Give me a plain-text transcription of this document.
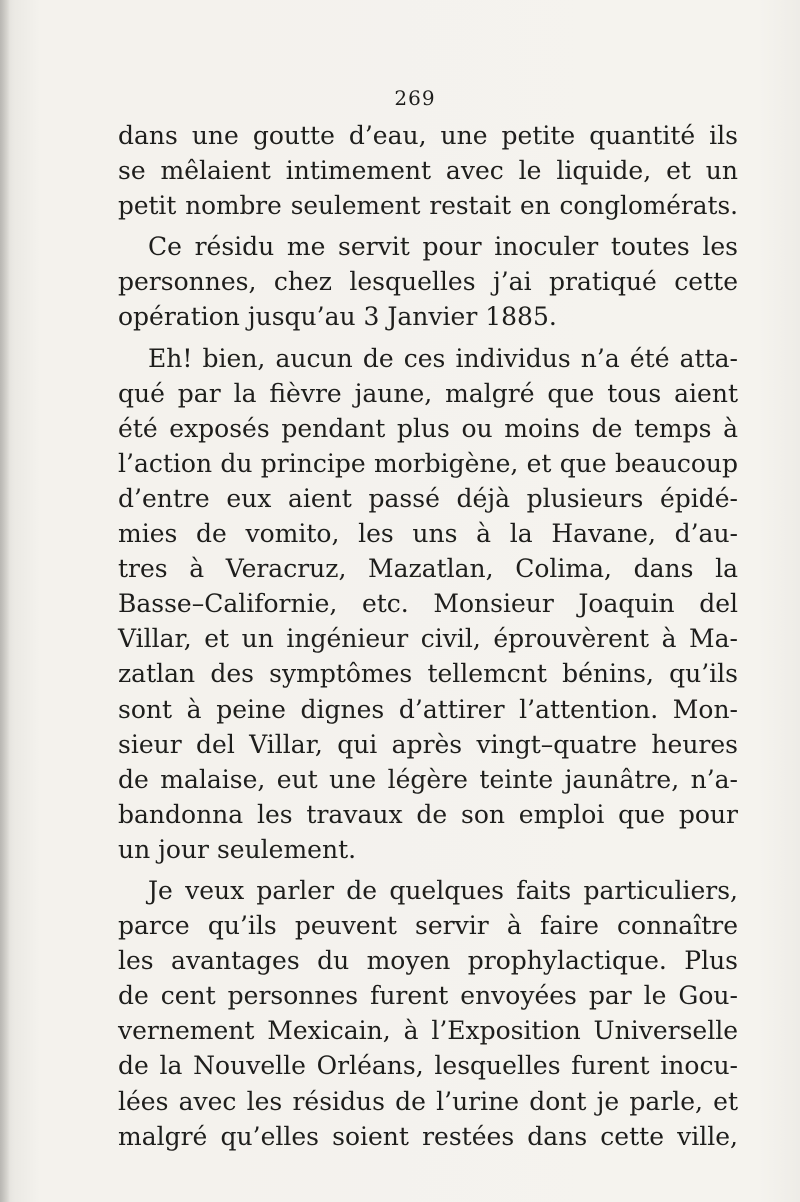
269
dans une goutte d’eau, une petite quantité ils
se mêlaient intimement avec le liquide, et un
petit nombre seulement restait en conglomérats.
Ce résidu me servit pour inoculer toutes les
personnes, chez lesquelles j’ai pratiqué cette
opération jusqu’au 3 Janvier 1885.
Eh! bien, aucun de ces individus n’a été atta-
qué par la fièvre jaune, malgré que tous aient
été exposés pendant plus ou moins de temps à
l’action du principe morbigène, et que beaucoup
d’entre eux aient passé déjà plusieurs épidé-
mies de vomito, les uns à la Havane, d’au-
tres à Veracruz, Mazatlan, Colima, dans la
Basse–Californie, etc. Monsieur Joaquin del
Villar, et un ingénieur civil, éprouvèrent à Ma-
zatlan des symptômes tellemcnt bénins, qu’ils
sont à peine dignes d’attirer l’attention. Mon-
sieur del Villar, qui après vingt–quatre heures
de malaise, eut une légère teinte jaunâtre, n’a-
bandonna les travaux de son emploi que pour
un jour seulement.
Je veux parler de quelques faits particuliers,
parce qu’ils peuvent servir à faire connaître
les avantages du moyen prophylactique. Plus
de cent personnes furent envoyées par le Gou-
vernement Mexicain, à l’Exposition Universelle
de la Nouvelle Orléans, lesquelles furent inocu-
lées avec les résidus de l’urine dont je parle, et
malgré qu’elles soient restées dans cette ville,
